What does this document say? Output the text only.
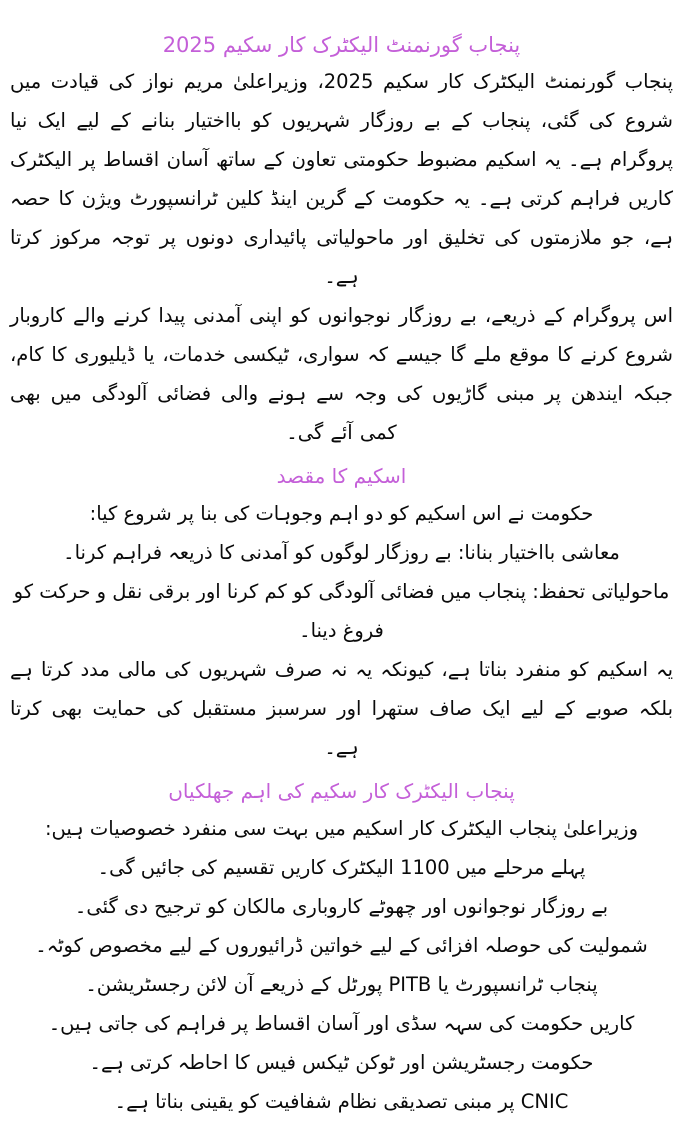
پنجاب گورنمنٹ الیکٹرک کار سکیم 2025

پنجاب گورنمنٹ الیکٹرک کار سکیم 2025، وزیراعلیٰ مریم نواز کی قیادت میں شروع کی گئی، پنجاب کے بے روزگار شہریوں کو بااختیار بنانے کے لیے ایک نیا پروگرام ہے۔ یہ اسکیم مضبوط حکومتی تعاون کے ساتھ آسان اقساط پر الیکٹرک کاریں فراہم کرتی ہے۔ یہ حکومت کے گرین اینڈ کلین ٹرانسپورٹ ویژن کا حصہ ہے، جو ملازمتوں کی تخلیق اور ماحولیاتی پائیداری دونوں پر توجہ مرکوز کرتا ہے۔

اس پروگرام کے ذریعے، بے روزگار نوجوانوں کو اپنی آمدنی پیدا کرنے والے کاروبار شروع کرنے کا موقع ملے گا جیسے کہ سواری، ٹیکسی خدمات، یا ڈیلیوری کا کام، جبکہ ایندھن پر مبنی گاڑیوں کی وجہ سے ہونے والی فضائی آلودگی میں بھی کمی آئے گی۔

اسکیم کا مقصد

حکومت نے اس اسکیم کو دو اہم وجوہات کی بنا پر شروع کیا:

معاشی بااختیار بنانا: بے روزگار لوگوں کو آمدنی کا ذریعہ فراہم کرنا۔

ماحولیاتی تحفظ: پنجاب میں فضائی آلودگی کو کم کرنا اور برقی نقل و حرکت کو فروغ دینا۔

یہ اسکیم کو منفرد بناتا ہے، کیونکہ یہ نہ صرف شہریوں کی مالی مدد کرتا ہے بلکہ صوبے کے لیے ایک صاف ستھرا اور سرسبز مستقبل کی حمایت بھی کرتا ہے۔

پنجاب الیکٹرک کار سکیم کی اہم جھلکیاں

وزیراعلیٰ پنجاب الیکٹرک کار اسکیم میں بہت سی منفرد خصوصیات ہیں:

پہلے مرحلے میں 1100 الیکٹرک کاریں تقسیم کی جائیں گی۔

بے روزگار نوجوانوں اور چھوٹے کاروباری مالکان کو ترجیح دی گئی۔

شمولیت کی حوصلہ افزائی کے لیے خواتین ڈرائیوروں کے لیے مخصوص کوٹہ۔

پنجاب ٹرانسپورٹ یا PITB پورٹل کے ذریعے آن لائن رجسٹریشن۔

کاریں حکومت کی سہہ سڈی اور آسان اقساط پر فراہم کی جاتی ہیں۔

حکومت رجسٹریشن اور ٹوکن ٹیکس فیس کا احاطہ کرتی ہے۔

CNIC پر مبنی تصدیقی نظام شفافیت کو یقینی بناتا ہے۔
